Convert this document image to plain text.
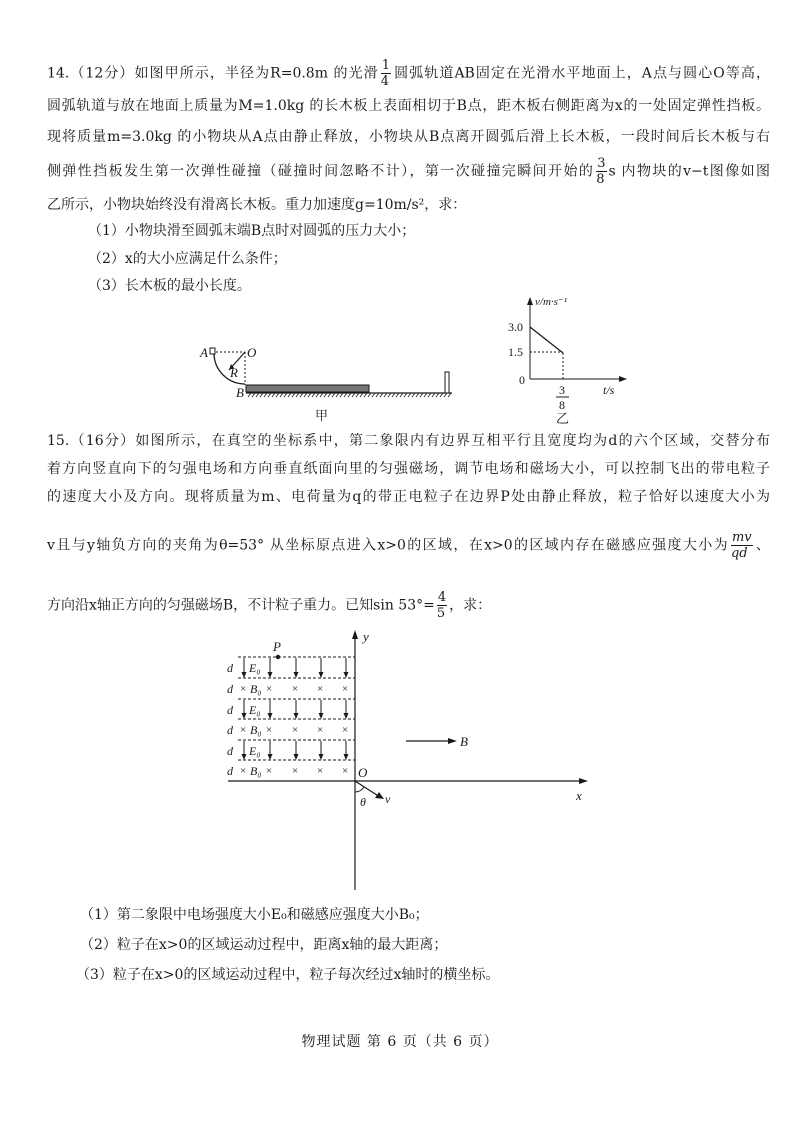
14.（12分）如图甲所示，半径为R=0.8m 的光滑 $\frac{1}{4}$ 圆弧轨道AB固定在光滑水平地面上，A点与圆心O等高，
圆弧轨道与放在地面上质量为M=1.0kg 的长木板上表面相切于B点，距木板右侧距离为x的一处固定弹性挡板。
现将质量m=3.0kg 的小物块从A点由静止释放，小物块从B点离开圆弧后滑上长木板，一段时间后长木板与右
侧弹性挡板发生第一次弹性碰撞（碰撞时间忽略不计），第一次碰撞完瞬间开始的 $\frac{3}{8}$ s 内物块的v−t图像如图
乙所示，小物块始终没有滑离长木板。重力加速度g=10m/s²，求：
（1）小物块滑至圆弧末端B点时对圆弧的压力大小；
（2）x的大小应满足什么条件；
（3）长木板的最小长度。
A	O
R
B
甲
v/m·s⁻¹
3.0
1.5
0
3
8
t/s
乙
15.（16分）如图所示，在真空的坐标系中，第二象限内有边界互相平行且宽度均为d的六个区域，交替分布
着方向竖直向下的匀强电场和方向垂直纸面向里的匀强磁场，调节电场和磁场大小，可以控制飞出的带电粒子
的速度大小及方向。现将质量为m、电荷量为q的带正电粒子在边界P处由静止释放，粒子恰好以速度大小为
v且与y轴负方向的夹角为θ=53° 从坐标原点进入x>0的区域，在x>0的区域内存在磁感应强度大小为 $\frac{mv}{qd}$ 、
方向沿x轴正方向的匀强磁场B，不计粒子重力。已知$\sin 53^\circ= \frac{4}{5}$ ，求：
d E₀
d × × × × ×
B₀
d E₀
d × × × × ×
B₀
d E₀
d × × × × ×
B₀
y
x
O
P
B
v
θ
（1）第二象限中电场强度大小E₀和磁感应强度大小B₀；
（2）粒子在x>0的区域运动过程中，距离x轴的最大距离；
（3）粒子在x>0的区域运动过程中，粒子每次经过x轴时的横坐标。
物理试题 第 6 页（共 6 页）
